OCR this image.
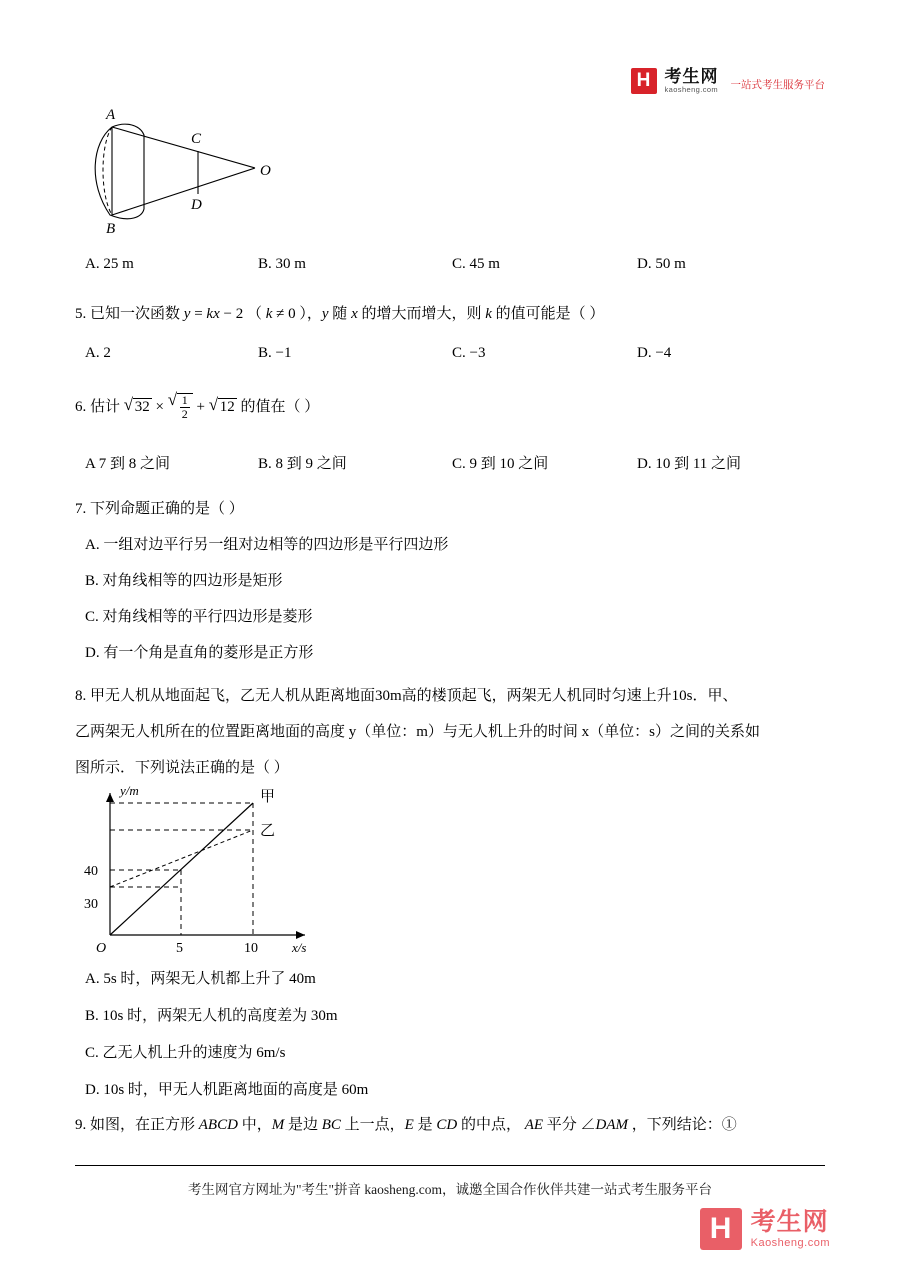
H 考生网
kaosheng.com 一站式考生服务平台
A
C
O
D
B
A. 25 m	B. 30 m	C. 45 m	D. 50 m
5. 已知一次函数 y = kx − 2 （ k ≠ 0 ），y 随 x 的增大而增大，则 k 的值可能是（ ）
A. 2	B. −1	C. −3	D. −4
6. 估计 √ 32 × √ $\frac{1}{2}$ + √ 12 的值在（ ）
A 7 到 8 之间	B. 8 到 9 之间	C. 9 到 10 之间	D. 10 到 11 之间
7. 下列命题正确的是（ ）
A. 一组对边平行另一组对边相等的四边形是平行四边形
B. 对角线相等的四边形是矩形
C. 对角线相等的平行四边形是菱形
D. 有一个角是直角的菱形是正方形
8. 甲无人机从地面起飞，乙无人机从距离地面30m高的楼顶起飞，两架无人机同时匀速上升10s．甲、
乙两架无人机所在的位置距离地面的高度 y（单位：m）与无人机上升的时间 x（单位：s）之间的关系如
图所示．下列说法正确的是（ ）
y/m
x/s
O
40
30
5	10
甲
乙
A. 5s 时，两架无人机都上升了 40m
B. 10s 时，两架无人机的高度差为 30m
C. 乙无人机上升的速度为 6m/s
D. 10s 时，甲无人机距离地面的高度是 60m
9. 如图，在正方形 ABCD 中，M 是边 BC 上一点，E 是 CD 的中点， AE 平分 ∠DAM ，下列结论：①
考生网官方网址为"考生"拼音 kaosheng.com，诚邀全国合作伙伴共建一站式考生服务平台
H 考生网
Kaosheng.com
